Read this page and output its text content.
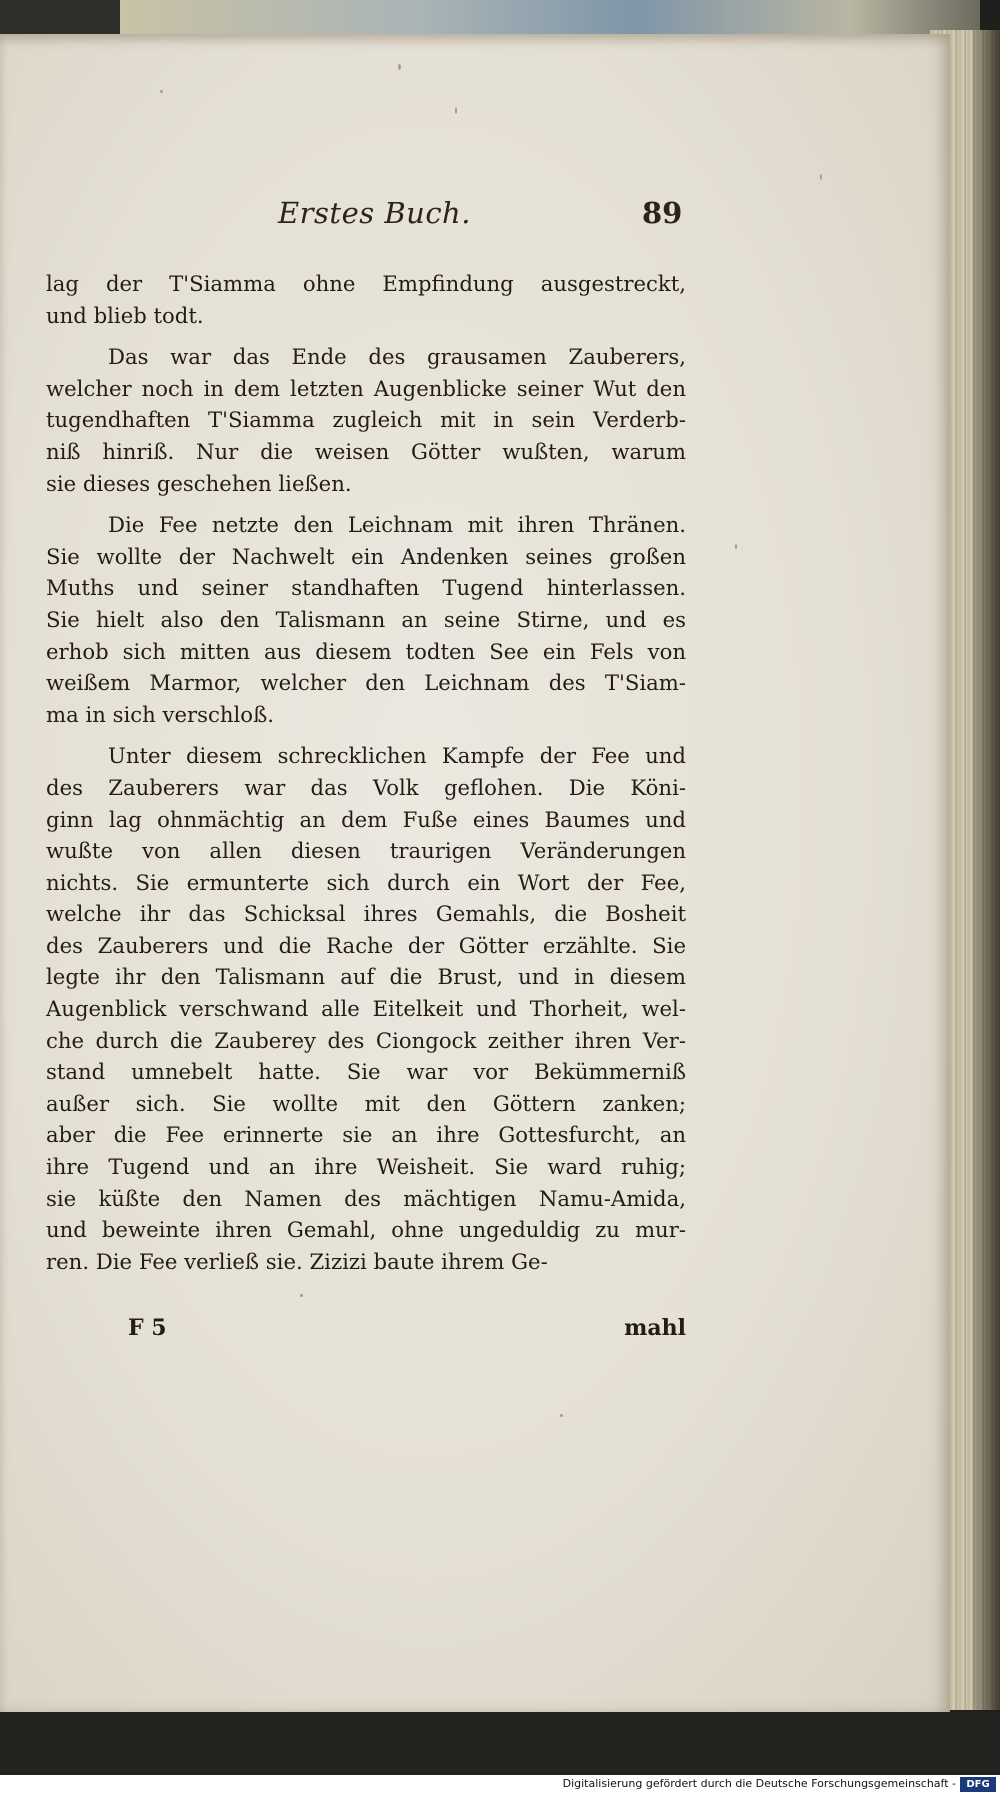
Erstes Buch.	89
lag der T'Siamma ohne Empfindung ausgestreckt,
und blieb todt.
Das war das Ende des grausamen Zauberers,
welcher noch in dem letzten Augenblicke seiner Wut den
tugendhaften T'Siamma zugleich mit in sein Verderb-
niß hinriß. Nur die weisen Götter wußten, warum
sie dieses geschehen ließen.
Die Fee netzte den Leichnam mit ihren Thränen.
Sie wollte der Nachwelt ein Andenken seines großen
Muths und seiner standhaften Tugend hinterlassen.
Sie hielt also den Talismann an seine Stirne, und es
erhob sich mitten aus diesem todten See ein Fels von
weißem Marmor, welcher den Leichnam des T'Siam-
ma in sich verschloß.
Unter diesem schrecklichen Kampfe der Fee und
des Zauberers war das Volk geflohen. Die Köni-
ginn lag ohnmächtig an dem Fuße eines Baumes und
wußte von allen diesen traurigen Veränderungen
nichts. Sie ermunterte sich durch ein Wort der Fee,
welche ihr das Schicksal ihres Gemahls, die Bosheit
des Zauberers und die Rache der Götter erzählte. Sie
legte ihr den Talismann auf die Brust, und in diesem
Augenblick verschwand alle Eitelkeit und Thorheit, wel-
che durch die Zauberey des Ciongock zeither ihren Ver-
stand umnebelt hatte. Sie war vor Bekümmerniß
außer sich. Sie wollte mit den Göttern zanken;
aber die Fee erinnerte sie an ihre Gottesfurcht, an
ihre Tugend und an ihre Weisheit. Sie ward ruhig;
sie küßte den Namen des mächtigen Namu-Amida,
und beweinte ihren Gemahl, ohne ungeduldig zu mur-
ren. Die Fee verließ sie. Zizizi baute ihrem Ge-
F 5	mahl
Digitalisierung gefördert durch die Deutsche Forschungsgemeinschaft -	DFG
